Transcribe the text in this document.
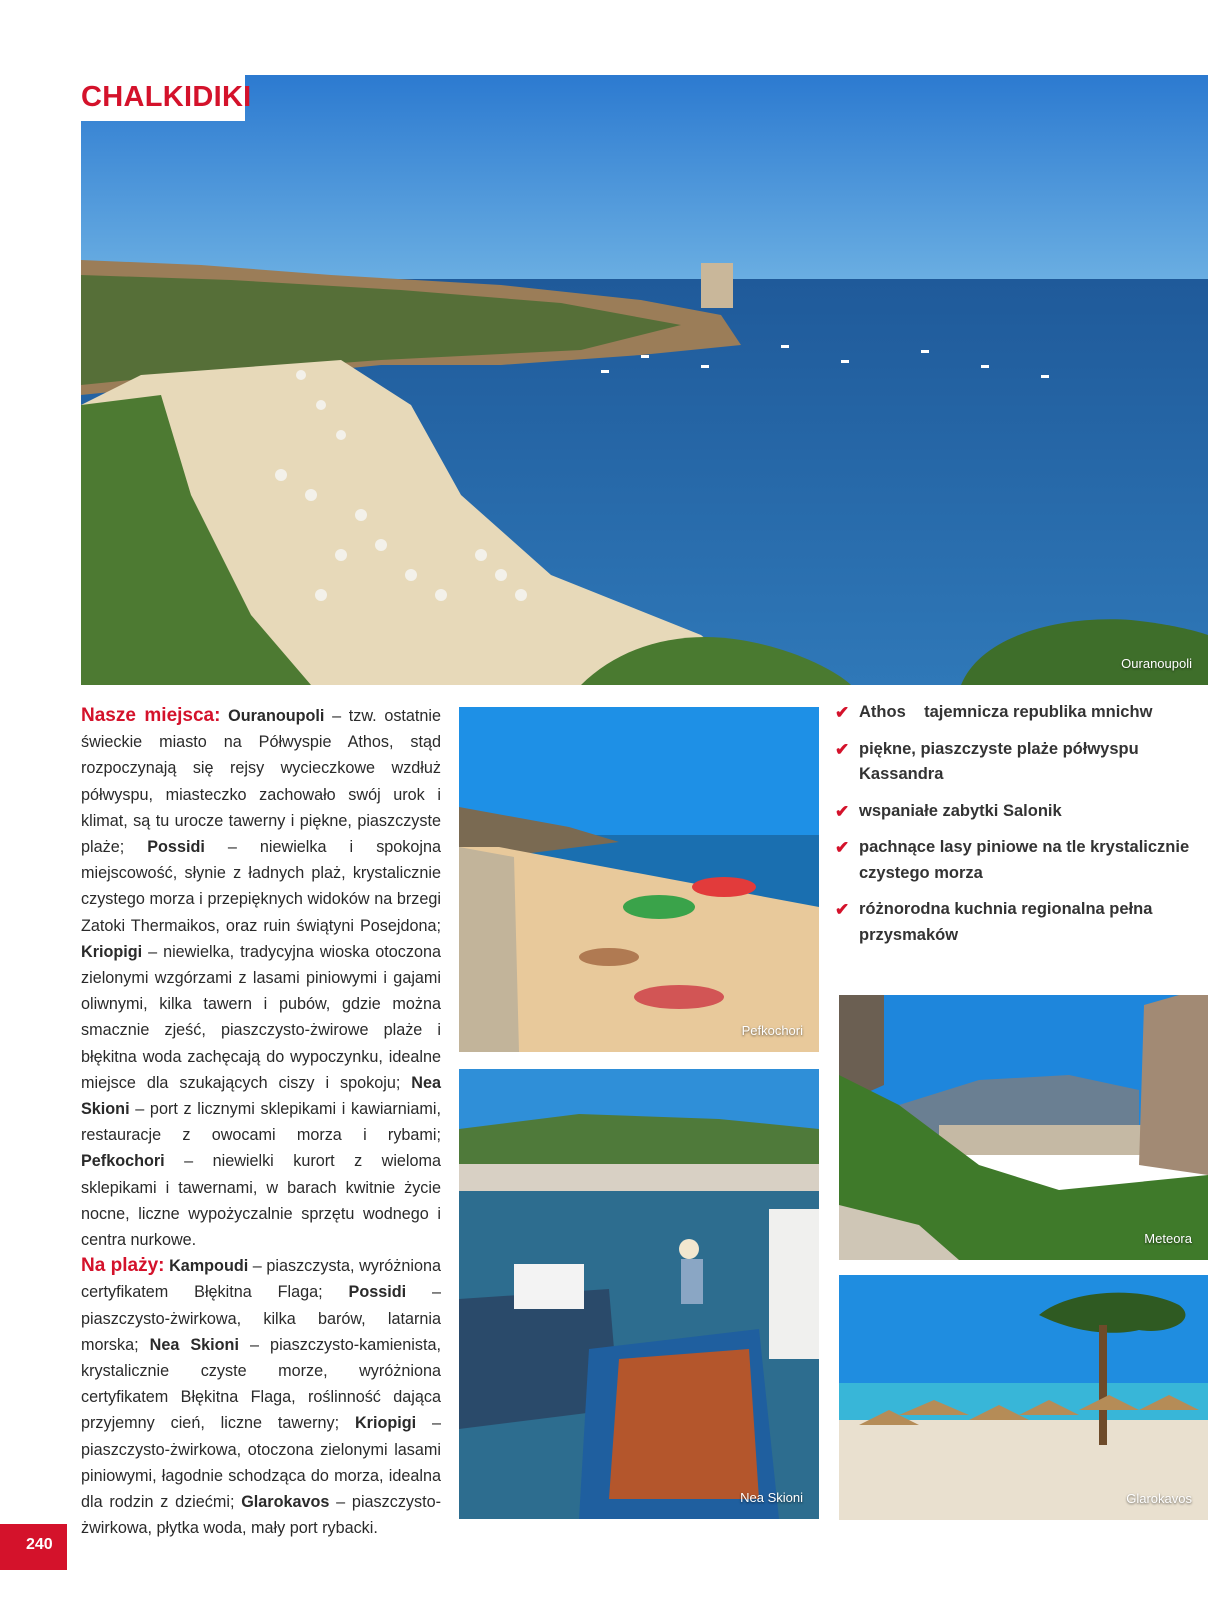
Ouranoupoli
CHALKIDIKI

Nasze miejsca: Ouranoupoli – tzw. ostatnie świeckie miasto na Półwyspie Athos, stąd rozpoczynają się rejsy wycieczkowe wzdłuż półwyspu, miasteczko zachowało swój urok i klimat, są tu urocze tawerny i piękne, piaszczyste plaże; Possidi – niewielka i spokojna miejscowość, słynie z ładnych plaż, krystalicznie czystego morza i przepięknych widoków na brzegi Zatoki Thermaikos, oraz ruin świątyni Posejdona; Kriopigi – niewielka, tradycyjna wioska otoczona zielonymi wzgórzami z lasami piniowymi i gajami oliwnymi, kilka tawern i pubów, gdzie można smacznie zjeść, piaszczysto-żwirowe plaże i błękitna woda zachęcają do wypoczynku, idealne miejsce dla szukających ciszy i spokoju; Nea Skioni – port z licznymi sklepikami i kawiarniami, restauracje z owocami morza i rybami; Pefkochori – niewielki kurort z wieloma sklepikami i tawernami, w barach kwitnie życie nocne, liczne wypożyczalnie sprzętu wodnego i centra nurkowe.

Na plaży: Kampoudi – piaszczysta, wyróżniona certyfikatem Błękitna Flaga; Possidi – piaszczysto-żwirkowa, kilka barów, latarnia morska; Nea Skioni – piaszczysto-kamienista, krystalicznie czyste morze, wyróżniona certyfikatem Błękitna Flaga, roślinność dająca przyjemny cień, liczne tawerny; Kriopigi – piaszczysto-żwirkowa, otoczona zielonymi lasami piniowymi, łagodnie schodząca do morza, idealna dla rodzin z dziećmi; Glarokavos – piaszczysto-żwirkowa, płytka woda, mały port rybacki.

Pefkochori
Nea Skioni
✔ Athos    tajemnicza republika mnichw
✔ piękne, piaszczyste plaże półwyspu Kassandra
✔ wspaniałe zabytki Salonik
✔ pachnące lasy piniowe na tle krystalicznie czystego morza
✔ różnorodna kuchnia regionalna pełna przysmaków
Meteora
Glarokavos
240
